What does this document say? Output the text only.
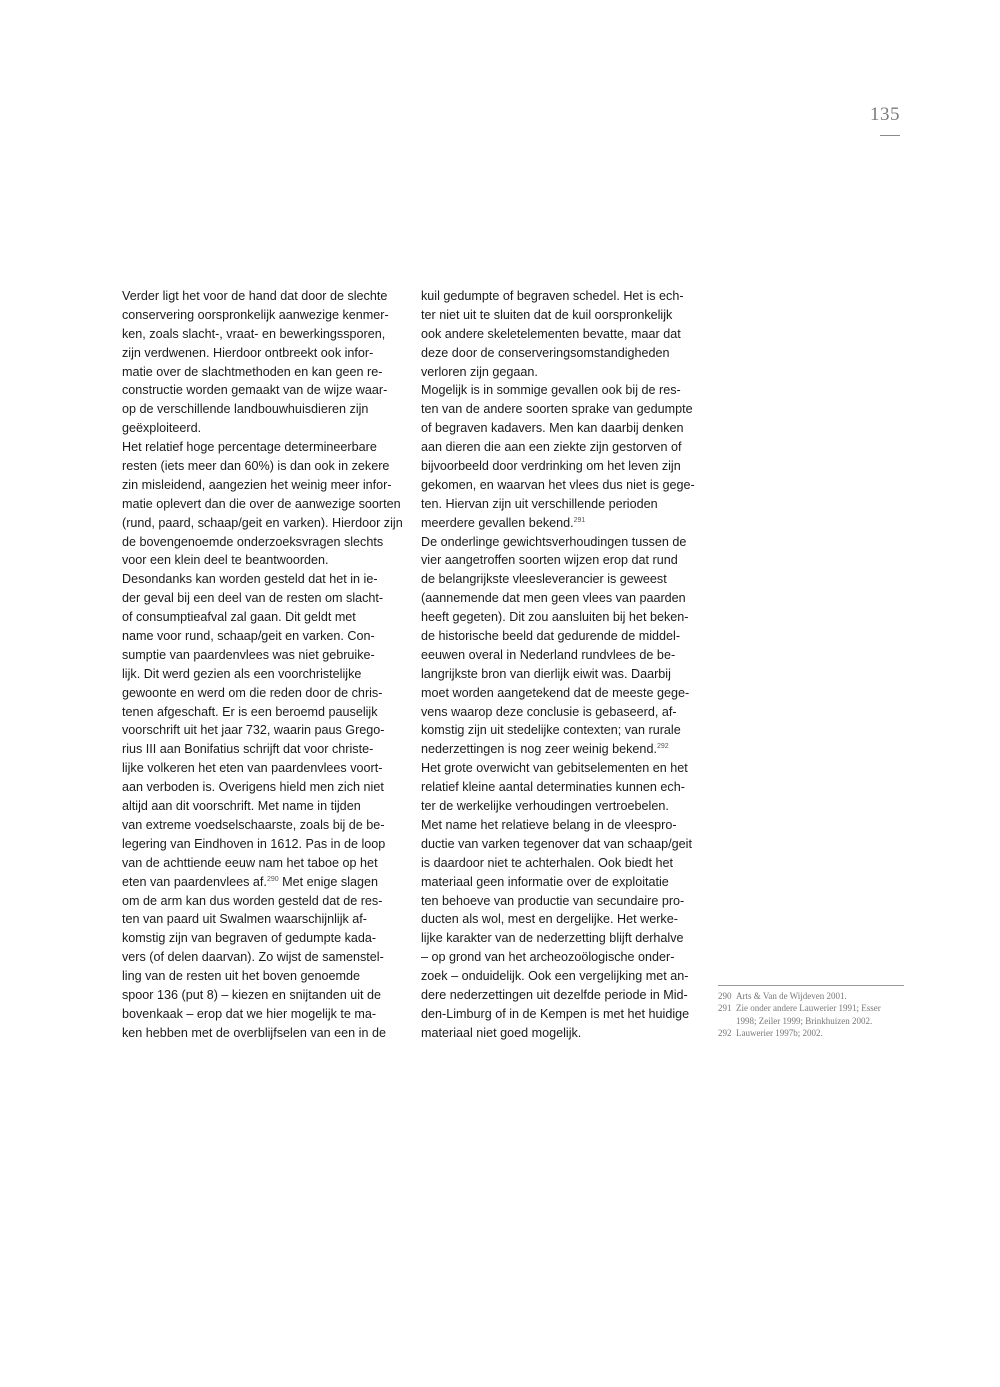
135
Verder ligt het voor de hand dat door de slechte
conservering oorspronkelijk aanwezige kenmer-
ken, zoals slacht-, vraat- en bewerkingssporen,
zijn verdwenen. Hierdoor ontbreekt ook infor-
matie over de slachtmethoden en kan geen re-
constructie worden gemaakt van de wijze waar-
op de verschillende landbouwhuisdieren zijn
geëxploiteerd.
Het relatief hoge percentage determineerbare
resten (iets meer dan 60%) is dan ook in zekere
zin misleidend, aangezien het weinig meer infor-
matie oplevert dan die over de aanwezige soorten
(rund, paard, schaap/geit en varken). Hierdoor zijn
de bovengenoemde onderzoeksvragen slechts
voor een klein deel te beantwoorden.
Desondanks kan worden gesteld dat het in ie-
der geval bij een deel van de resten om slacht-
of consumptieafval zal gaan. Dit geldt met
name voor rund, schaap/geit en varken. Con-
sumptie van paardenvlees was niet gebruike-
lijk. Dit werd gezien als een voorchristelijke
gewoonte en werd om die reden door de chris-
tenen afgeschaft. Er is een beroemd pauselijk
voorschrift uit het jaar 732, waarin paus Grego-
rius III aan Bonifatius schrijft dat voor christe-
lijke volkeren het eten van paardenvlees voort-
aan verboden is. Overigens hield men zich niet
altijd aan dit voorschrift. Met name in tijden
van extreme voedselschaarste, zoals bij de be-
legering van Eindhoven in 1612. Pas in de loop
van de achttiende eeuw nam het taboe op het
eten van paardenvlees af.$^{290}$ Met enige slagen
om de arm kan dus worden gesteld dat de res-
ten van paard uit Swalmen waarschijnlijk af-
komstig zijn van begraven of gedumpte kada-
vers (of delen daarvan). Zo wijst de samenstel-
ling van de resten uit het boven genoemde
spoor 136 (put 8) – kiezen en snijtanden uit de
bovenkaak – erop dat we hier mogelijk te ma-
ken hebben met de overblijfselen van een in de
kuil gedumpte of begraven schedel. Het is ech-
ter niet uit te sluiten dat de kuil oorspronkelijk
ook andere skeletelementen bevatte, maar dat
deze door de conserveringsomstandigheden
verloren zijn gegaan.
Mogelijk is in sommige gevallen ook bij de res-
ten van de andere soorten sprake van gedumpte
of begraven kadavers. Men kan daarbij denken
aan dieren die aan een ziekte zijn gestorven of
bijvoorbeeld door verdrinking om het leven zijn
gekomen, en waarvan het vlees dus niet is gege-
ten. Hiervan zijn uit verschillende perioden
meerdere gevallen bekend.$^{291}$
De onderlinge gewichtsverhoudingen tussen de
vier aangetroffen soorten wijzen erop dat rund
de belangrijkste vleesleverancier is geweest
(aannemende dat men geen vlees van paarden
heeft gegeten). Dit zou aansluiten bij het beken-
de historische beeld dat gedurende de middel-
eeuwen overal in Nederland rundvlees de be-
langrijkste bron van dierlijk eiwit was. Daarbij
moet worden aangetekend dat de meeste gege-
vens waarop deze conclusie is gebaseerd, af-
komstig zijn uit stedelijke contexten; van rurale
nederzettingen is nog zeer weinig bekend.$^{292}$
Het grote overwicht van gebitselementen en het
relatief kleine aantal determinaties kunnen ech-
ter de werkelijke verhoudingen vertroebelen.
Met name het relatieve belang in de vleespro-
ductie van varken tegenover dat van schaap/geit
is daardoor niet te achterhalen. Ook biedt het
materiaal geen informatie over de exploitatie
ten behoeve van productie van secundaire pro-
ducten als wol, mest en dergelijke. Het werke-
lijke karakter van de nederzetting blijft derhalve
– op grond van het archeozoölogische onder-
zoek – onduidelijk. Ook een vergelijking met an-
dere nederzettingen uit dezelfde periode in Mid-
den-Limburg of in de Kempen is met het huidige
materiaal niet goed mogelijk.
290 Arts & Van de Wijdeven 2001.
291 Zie onder andere Lauwerier 1991; Esser
1998; Zeiler 1999; Brinkhuizen 2002.
292 Lauwerier 1997b; 2002.
